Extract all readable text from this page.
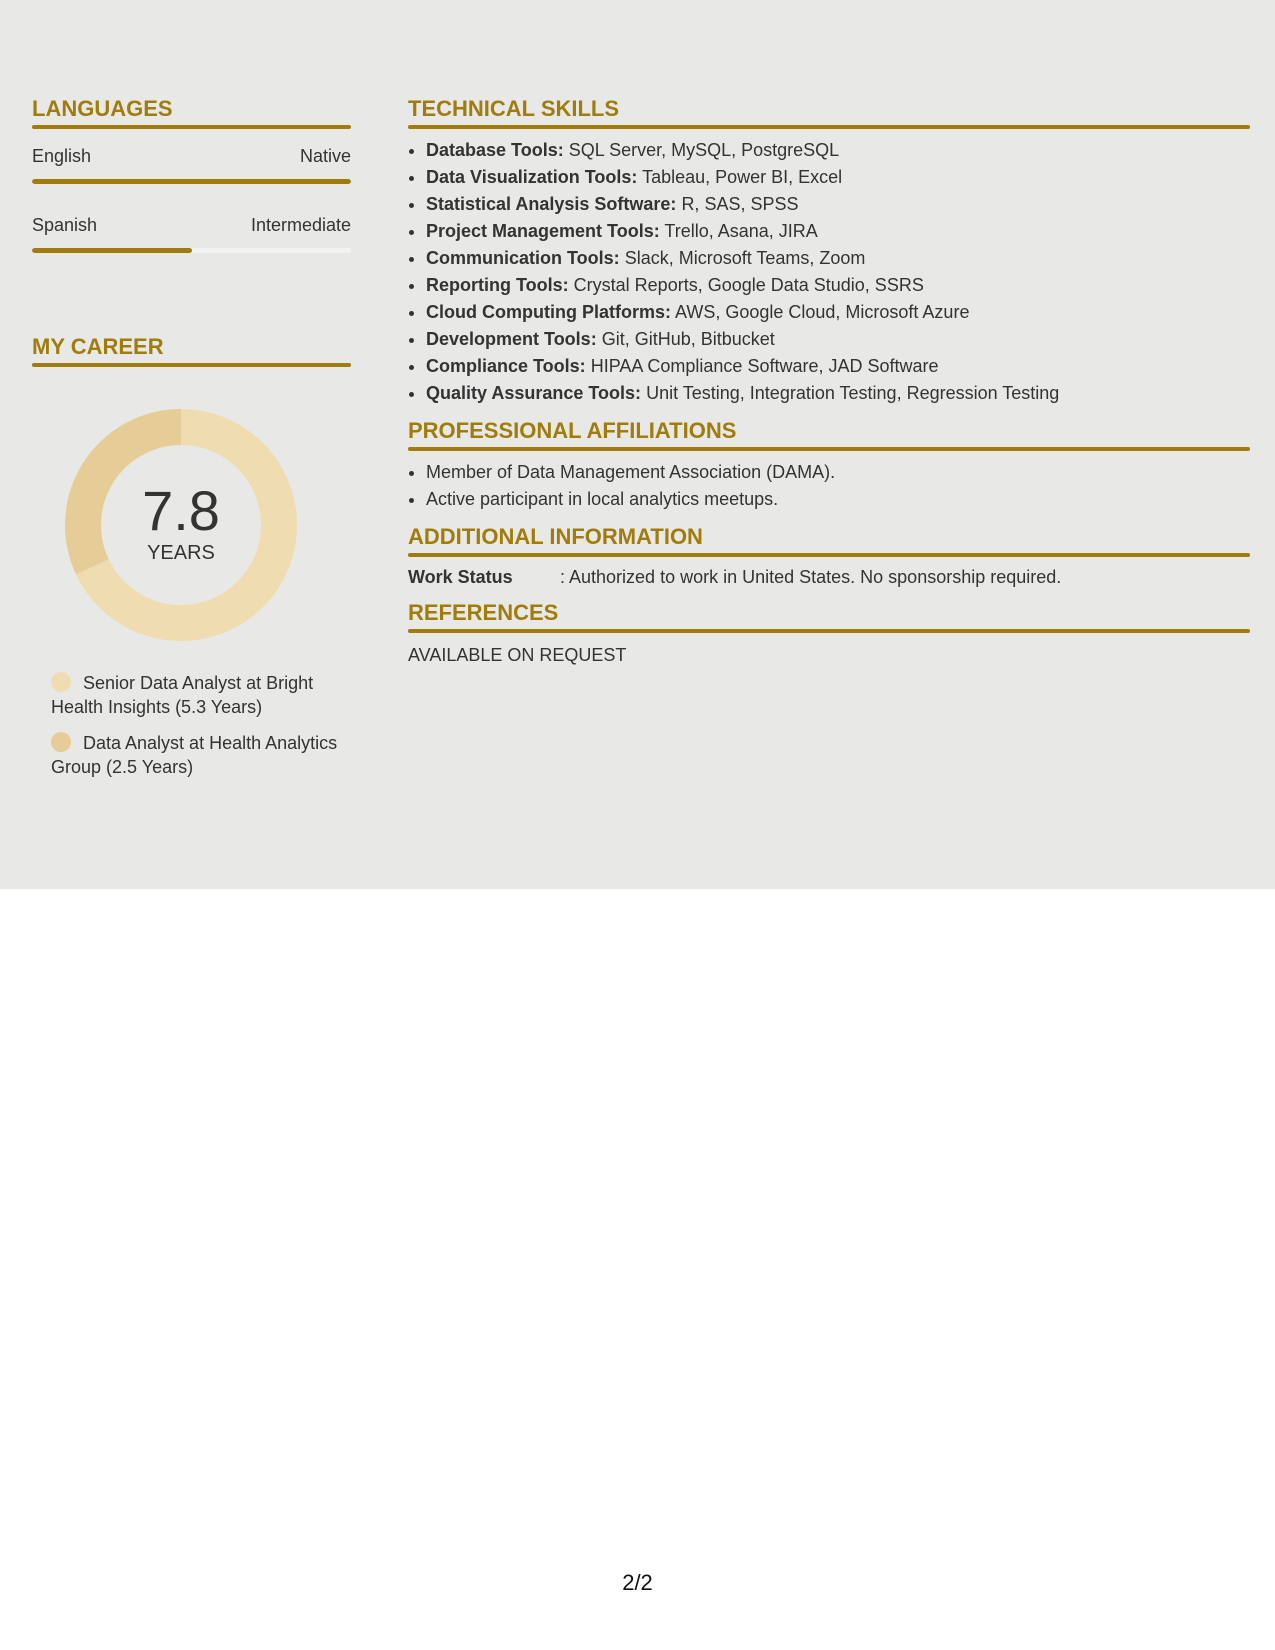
LANGUAGES
English	Native
Spanish	Intermediate
MY CAREER
7.8
YEARS
Senior Data Analyst at Bright Health Insights (5.3 Years)
Data Analyst at Health Analytics Group (2.5 Years)
TECHNICAL SKILLS
• Database Tools: SQL Server, MySQL, PostgreSQL
• Data Visualization Tools: Tableau, Power BI, Excel
• Statistical Analysis Software: R, SAS, SPSS
• Project Management Tools: Trello, Asana, JIRA
• Communication Tools: Slack, Microsoft Teams, Zoom
• Reporting Tools: Crystal Reports, Google Data Studio, SSRS
• Cloud Computing Platforms: AWS, Google Cloud, Microsoft Azure
• Development Tools: Git, GitHub, Bitbucket
• Compliance Tools: HIPAA Compliance Software, JAD Software
• Quality Assurance Tools: Unit Testing, Integration Testing, Regression Testing
PROFESSIONAL AFFILIATIONS
• Member of Data Management Association (DAMA).
• Active participant in local analytics meetups.
ADDITIONAL INFORMATION
Work Status	: Authorized to work in United States. No sponsorship required.
REFERENCES
AVAILABLE ON REQUEST
2/2
